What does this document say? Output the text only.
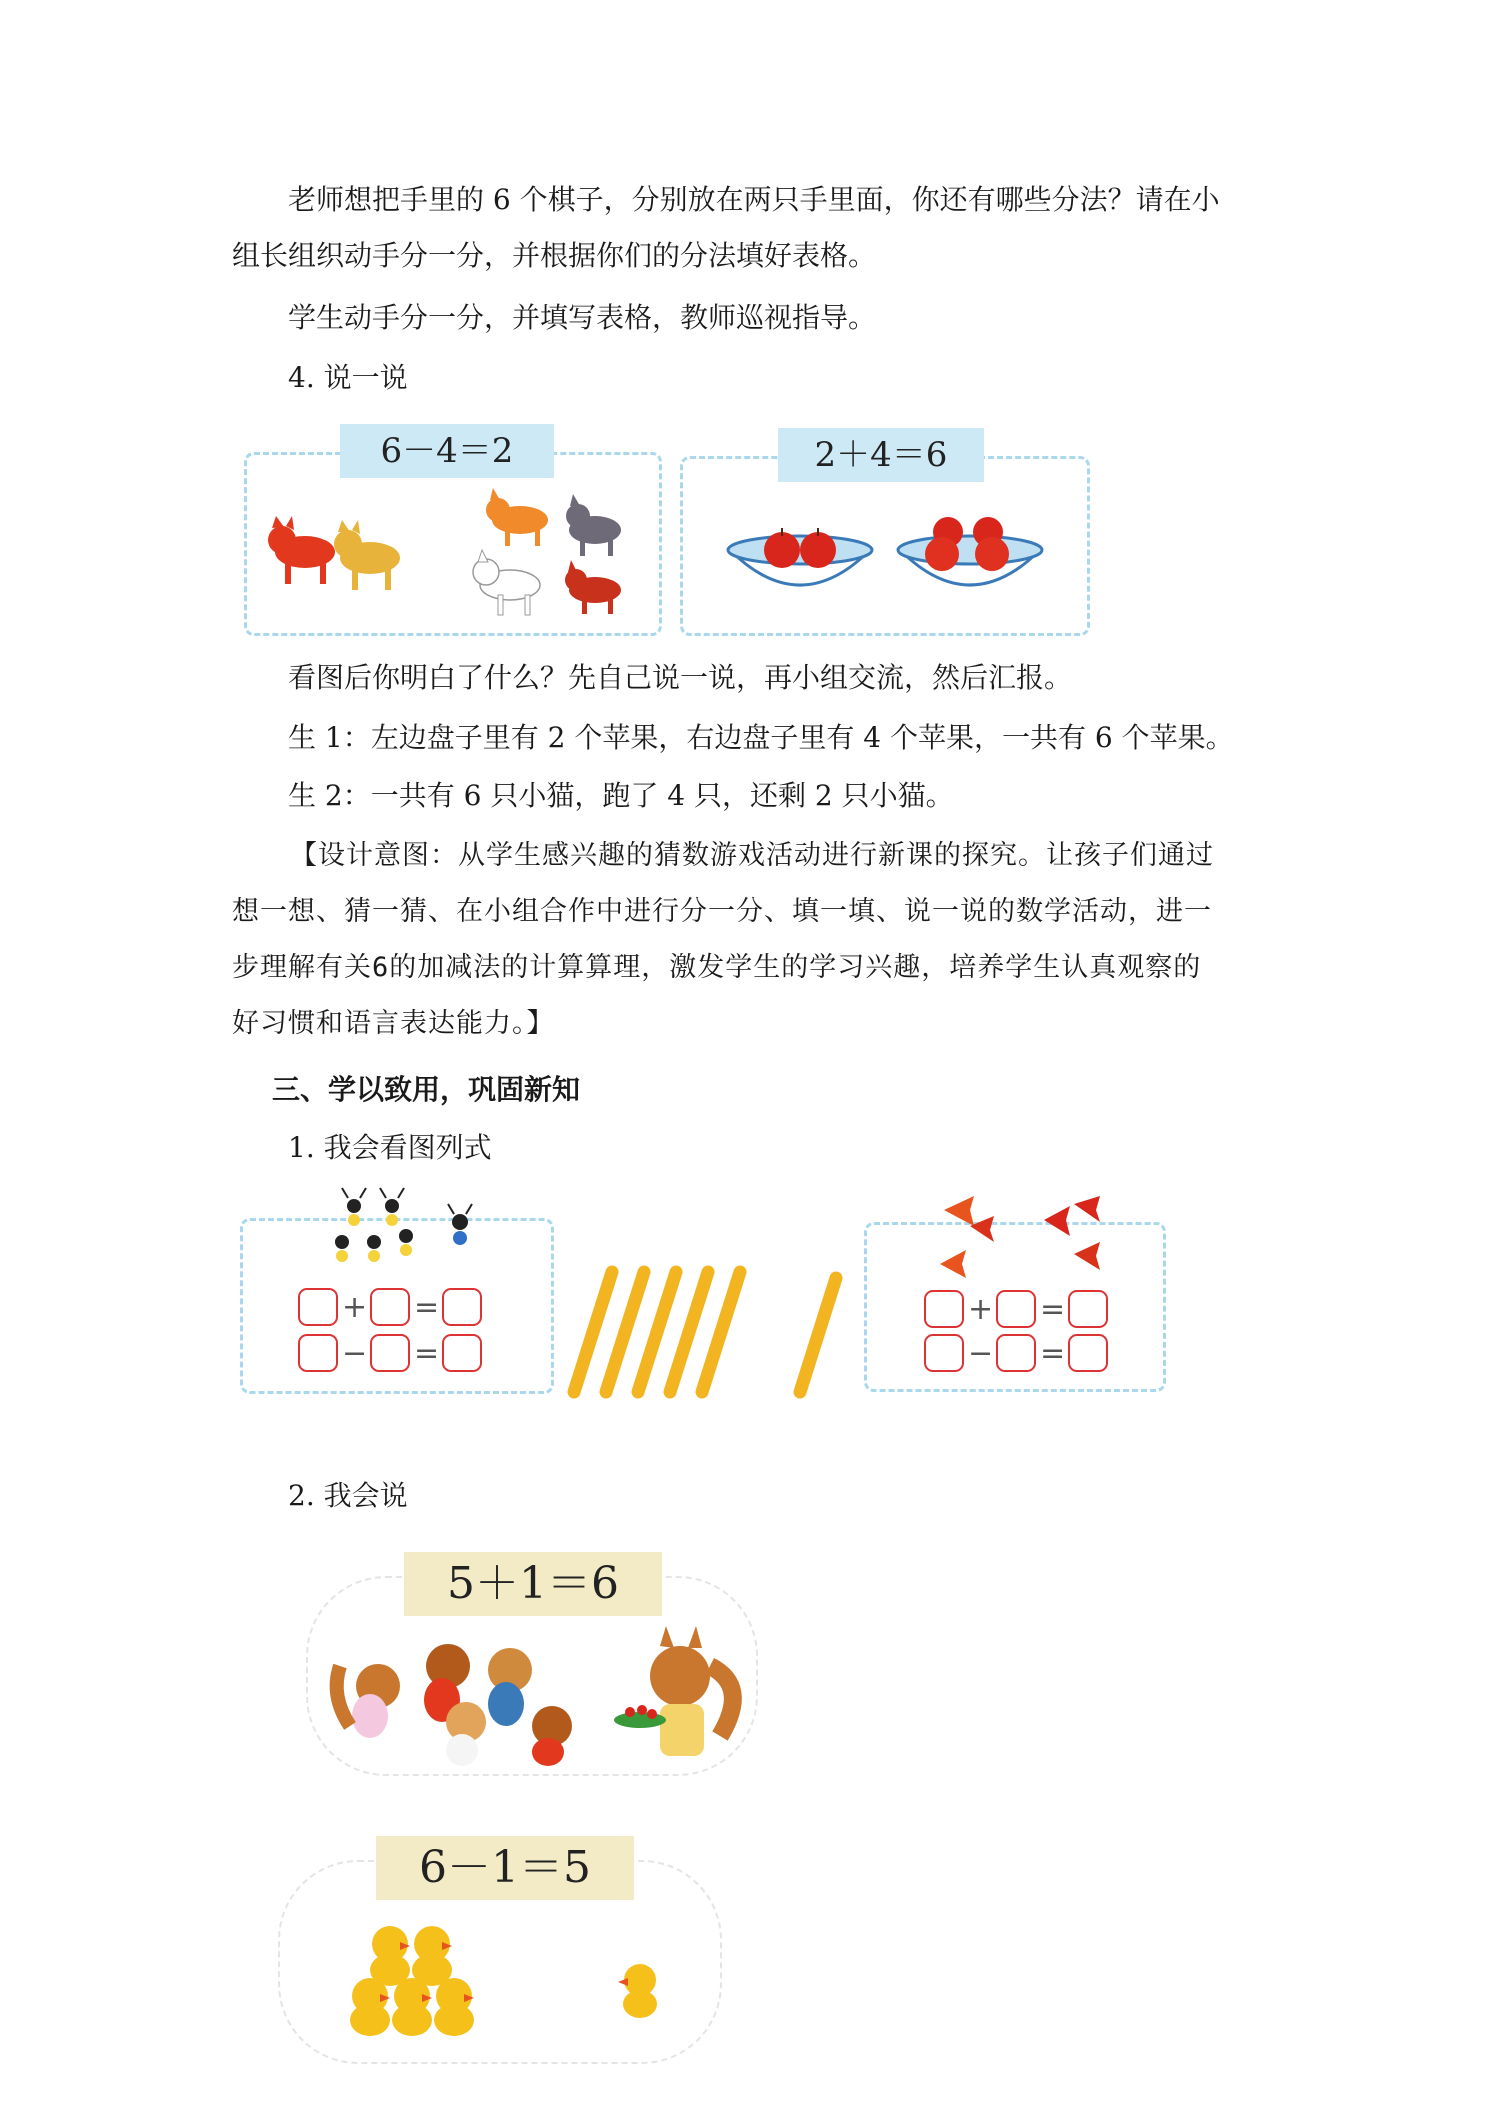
老师想把手里的 6 个棋子，分别放在两只手里面，你还有哪些分法？请在小
组长组织动手分一分，并根据你们的分法填好表格。
学生动手分一分，并填写表格，教师巡视指导。
4. 说一说
6－4＝2	2＋4＝6
看图后你明白了什么？先自己说一说，再小组交流，然后汇报。
生 1：左边盘子里有 2 个苹果，右边盘子里有 4 个苹果，一共有 6 个苹果。
生 2：一共有 6 只小猫，跑了 4 只，还剩 2 只小猫。
【设计意图：从学生感兴趣的猜数游戏活动进行新课的探究。让孩子们通过
想一想、猜一猜、在小组合作中进行分一分、填一填、说一说的数学活动，进一
步理解有关6的加减法的计算算理，激发学生的学习兴趣，培养学生认真观察的
好习惯和语言表达能力。】
三、学以致用，巩固新知
1. 我会看图列式
+ =
− =
+ =
− =
2. 我会说
5＋1＝6
6－1＝5
